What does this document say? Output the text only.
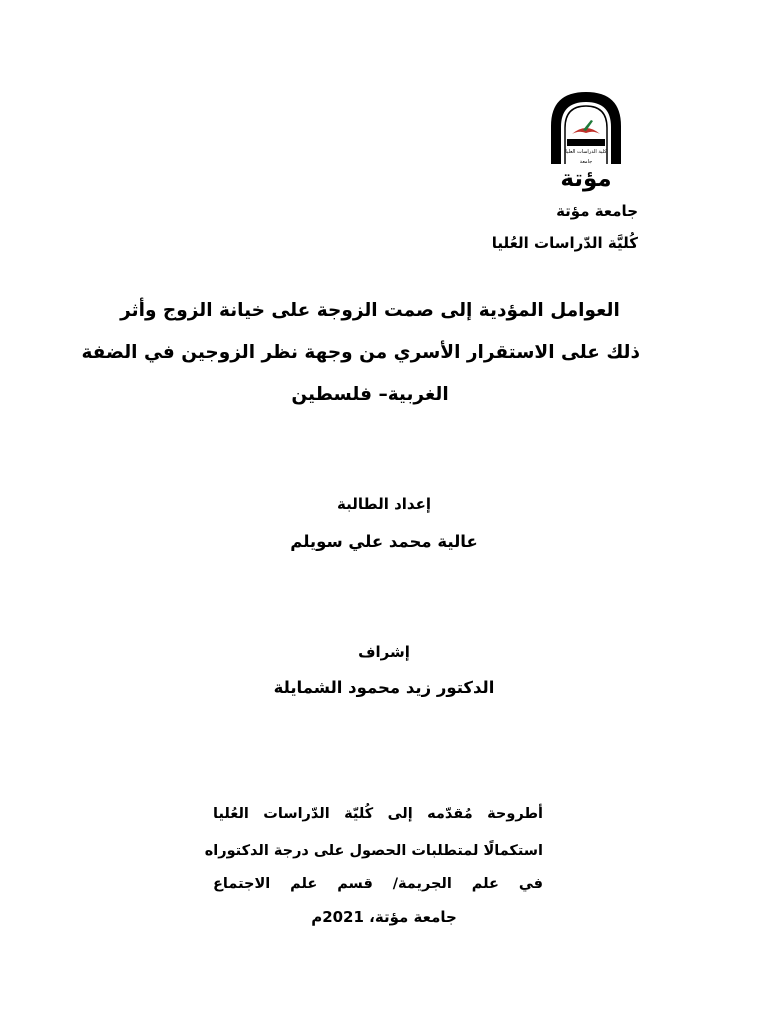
كلية الدراسات العليا
جامعة
مؤتة
جامعة مؤتة
كُليَّة الدّراسات العُليا
العوامل المؤدية إلى صمت الزوجة على خيانة الزوج وأثر
ذلك على الاستقرار الأسري من وجهة نظر الزوجين في الضفة
الغربية– فلسطين
إعداد الطالبة
عالية محمد علي سويلم
إشراف
الدكتور زيد محمود الشمايلة
أطروحة مُقدّمه إلى كُليّة الدّراسات العُليا
استكمالًا لمتطلبات الحصول على درجة الدكتوراه
في علم الجريمة/ قسم علم الاجتماع
جامعة مؤتة، 2021م
